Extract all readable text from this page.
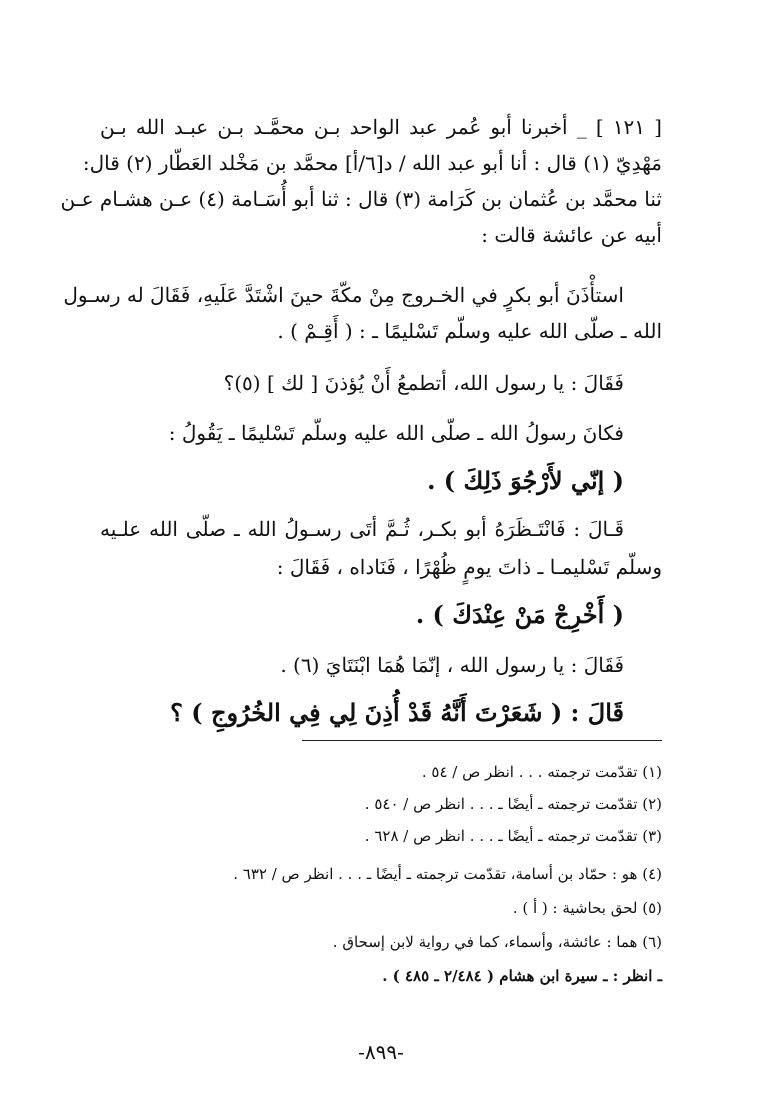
[ ١٢١ ] _ أخبرنا أبو عُمر عبد الواحد بـن محمَّـد بـن عبـد الله بـن
مَهْدِيّ (١) قال : أنا أبو عبد الله / د[٦/أ] محمَّد بن مَخْلد العَطّار (٢) قال:
ثنا محمَّد بن عُثمان بن كَرَامة (٣) قال : ثنا أبو أُسَـامة (٤) عـن هشـام عـن
أبيه عن عائشة قالت :
استأْذَنَ أبو بكرٍ في الخـروج مِنْ مكّةَ حينَ اشْتَدَّ عَلَيهِ، فَقَالَ له رسـول
الله ـ صلّى الله عليه وسلّم تَسْليمًا ـ : ( أَقِـمْ ) .
فَقَالَ : يا رسول الله، أتطمعُ أَنْ يُؤذنَ [ لك ] (٥)؟
فكانَ رسولُ الله ـ صلّى الله عليه وسلّم تَسْليمًا ـ يَقُولُ :
( إنّي لأَرْجُوَ ذَلِكَ ) .
قَـالَ : فَانْتَـظَرَهُ أبو بكـر، ثُـمَّ أتَى رسـولُ الله ـ صلّى الله علـيه
وسلّم تَسْليمـا ـ ذاتَ يومٍ ظُهْرًا ، فَنَاداه ، فَقَالَ :
( أَخْرِجْ مَنْ عِنْدَكَ ) .
فَقَالَ : يا رسول الله ، إنّمَا هُمَا ابْنَتَايَ (٦) .
قَالَ : ( شَعَرْتَ أَنَّهُ قَدْ أُذِنَ لِي فِي الخُرُوجِ ) ؟
(١) تقدّمت ترجمته . . . انظر ص / ٥٤ .
(٢) تقدّمت ترجمته ـ أيضًا ـ . . . انظر ص / ٥٤٠ .
(٣) تقدّمت ترجمته ـ أيضًا ـ . . . انظر ص / ٦٢٨ .
(٤) هو : حمّاد بن أسامة، تقدّمت ترجمته ـ أيضًا ـ . . . انظر ص / ٦٣٢ .
(٥) لحق بحاشية : ( أ ) .
(٦) هما : عائشة، وأسماء، كما في رواية لابن إسحاق .
ـ انظر : ـ سيرة ابن هشام ( ٢/٤٨٤ ـ ٤٨٥ ) .
-٨٩٩-
